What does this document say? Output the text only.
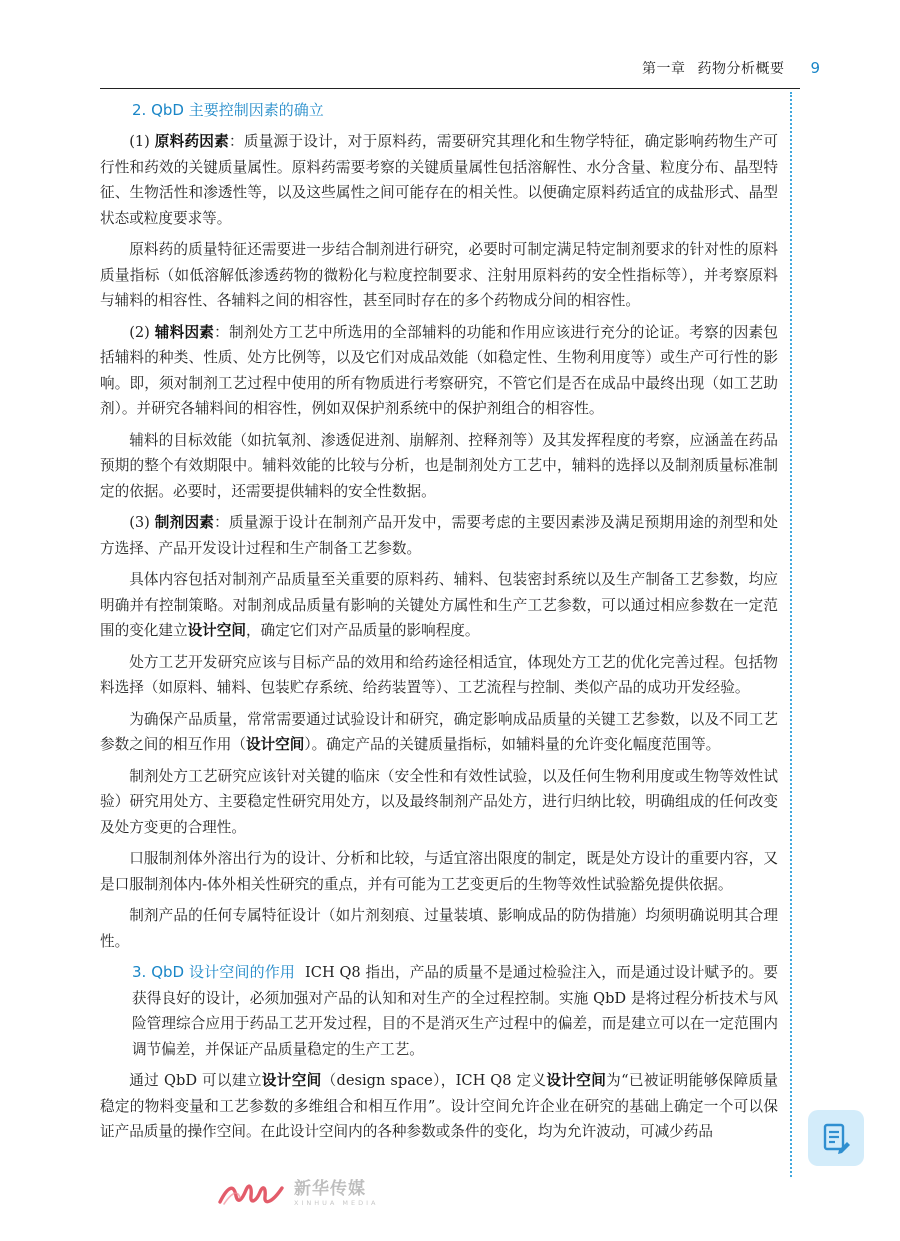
第一章 药物分析概要 9
2. QbD 主要控制因素的确立

(1) 原料药因素：质量源于设计，对于原料药，需要研究其理化和生物学特征，确定影响药物生产可行性和药效的关键质量属性。原料药需要考察的关键质量属性包括溶解性、水分含量、粒度分布、晶型特征、生物活性和渗透性等，以及这些属性之间可能存在的相关性。以便确定原料药适宜的成盐形式、晶型状态或粒度要求等。

原料药的质量特征还需要进一步结合制剂进行研究，必要时可制定满足特定制剂要求的针对性的原料质量指标（如低溶解低渗透药物的微粉化与粒度控制要求、注射用原料药的安全性指标等），并考察原料与辅料的相容性、各辅料之间的相容性，甚至同时存在的多个药物成分间的相容性。

(2) 辅料因素：制剂处方工艺中所选用的全部辅料的功能和作用应该进行充分的论证。考察的因素包括辅料的种类、性质、处方比例等，以及它们对成品效能（如稳定性、生物利用度等）或生产可行性的影响。即，须对制剂工艺过程中使用的所有物质进行考察研究，不管它们是否在成品中最终出现（如工艺助剂）。并研究各辅料间的相容性，例如双保护剂系统中的保护剂组合的相容性。

辅料的目标效能（如抗氧剂、渗透促进剂、崩解剂、控释剂等）及其发挥程度的考察，应涵盖在药品预期的整个有效期限中。辅料效能的比较与分析，也是制剂处方工艺中，辅料的选择以及制剂质量标准制定的依据。必要时，还需要提供辅料的安全性数据。

(3) 制剂因素：质量源于设计在制剂产品开发中，需要考虑的主要因素涉及满足预期用途的剂型和处方选择、产品开发设计过程和生产制备工艺参数。

具体内容包括对制剂产品质量至关重要的原料药、辅料、包装密封系统以及生产制备工艺参数，均应明确并有控制策略。对制剂成品质量有影响的关键处方属性和生产工艺参数，可以通过相应参数在一定范围的变化建立设计空间，确定它们对产品质量的影响程度。

处方工艺开发研究应该与目标产品的效用和给药途径相适宜，体现处方工艺的优化完善过程。包括物料选择（如原料、辅料、包装贮存系统、给药装置等）、工艺流程与控制、类似产品的成功开发经验。

为确保产品质量，常常需要通过试验设计和研究，确定影响成品质量的关键工艺参数，以及不同工艺参数之间的相互作用（设计空间）。确定产品的关键质量指标，如辅料量的允许变化幅度范围等。

制剂处方工艺研究应该针对关键的临床（安全性和有效性试验，以及任何生物利用度或生物等效性试验）研究用处方、主要稳定性研究用处方，以及最终制剂产品处方，进行归纳比较，明确组成的任何改变及处方变更的合理性。

口服制剂体外溶出行为的设计、分析和比较，与适宜溶出限度的制定，既是处方设计的重要内容，又是口服制剂体内-体外相关性研究的重点，并有可能为工艺变更后的生物等效性试验豁免提供依据。

制剂产品的任何专属特征设计（如片剂刻痕、过量装填、影响成品的防伪措施）均须明确说明其合理性。

3. QbD 设计空间的作用 ICH Q8 指出，产品的质量不是通过检验注入，而是通过设计赋予的。要获得良好的设计，必须加强对产品的认知和对生产的全过程控制。实施 QbD 是将过程分析技术与风险管理综合应用于药品工艺开发过程，目的不是消灭生产过程中的偏差，而是建立可以在一定范围内调节偏差，并保证产品质量稳定的生产工艺。

通过 QbD 可以建立设计空间（design space），ICH Q8 定义设计空间为“已被证明能够保障质量稳定的物料变量和工艺参数的多维组合和相互作用”。设计空间允许企业在研究的基础上确定一个可以保证产品质量的操作空间。在此设计空间内的各种参数或条件的变化，均为允许波动，可减少药品

新华传媒
XINHUA MEDIA
